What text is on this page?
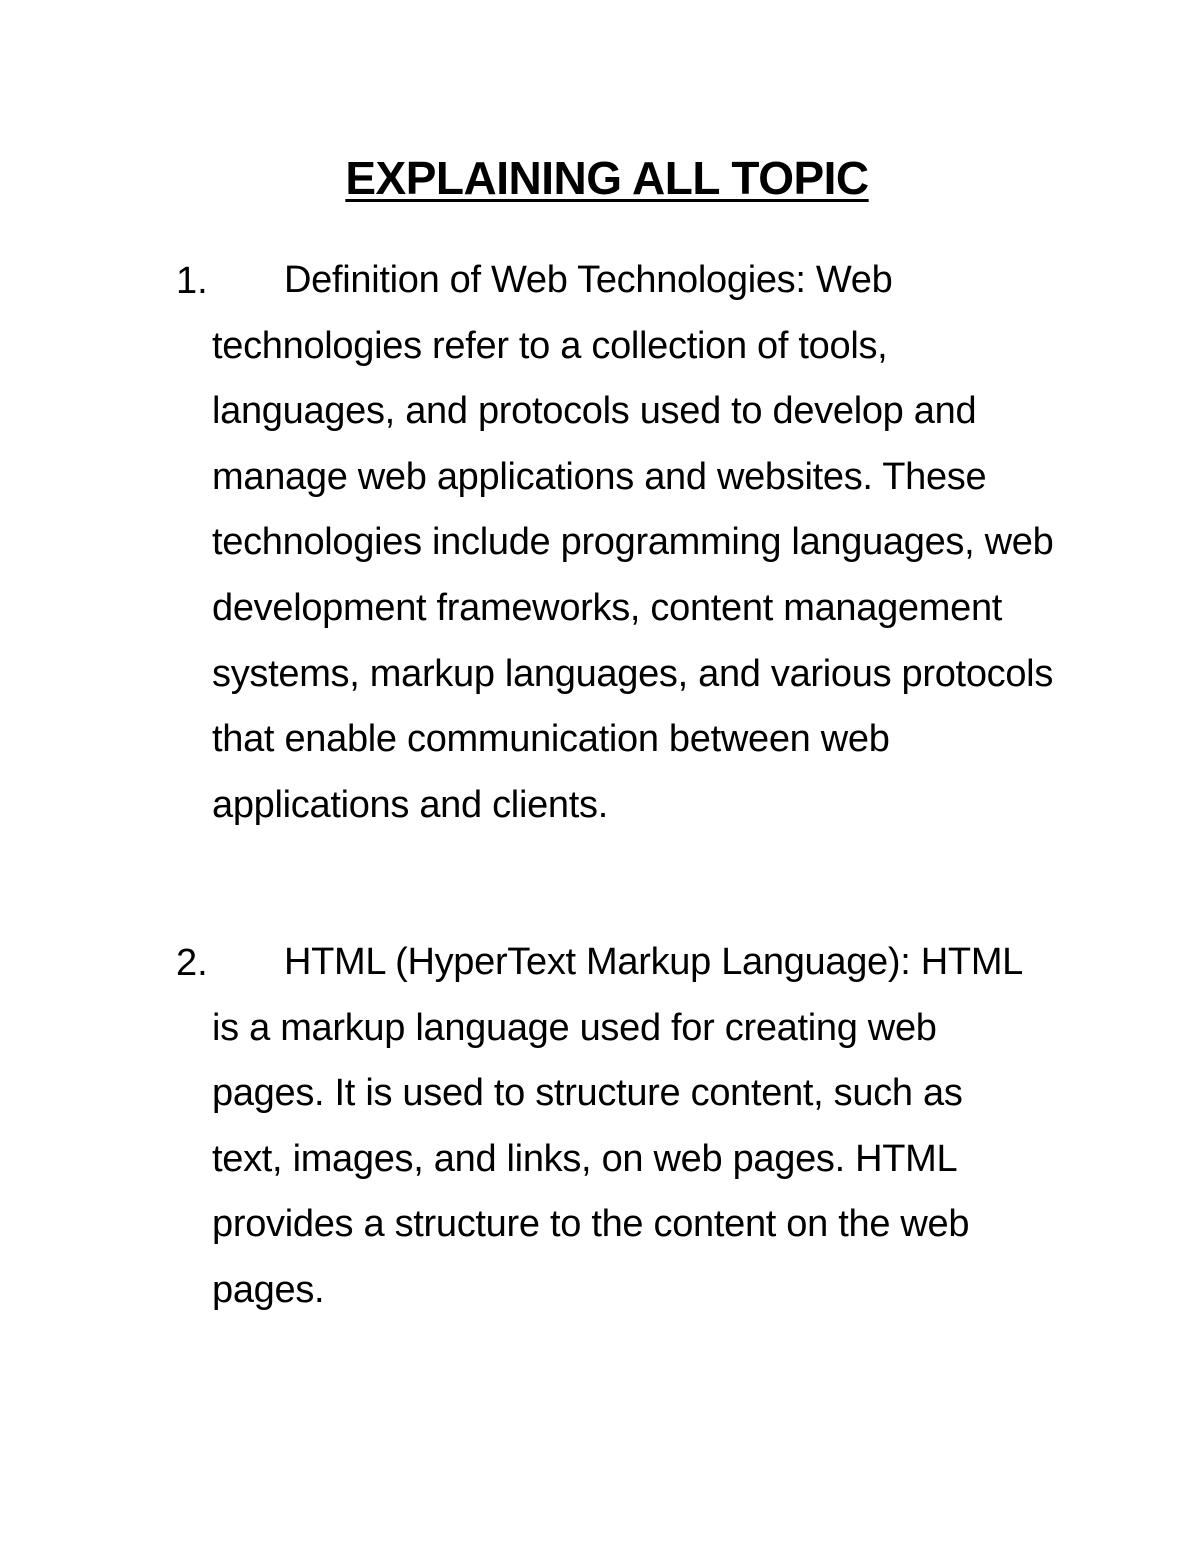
EXPLAINING ALL TOPIC
1.	Definition of Web Technologies: Web technologies refer to a collection of tools, languages, and protocols used to develop and manage web applications and websites. These technologies include programming languages, web development frameworks, content management systems, markup languages, and various protocols that enable communication between web applications and clients.
2.	HTML (HyperText Markup Language): HTML is a markup language used for creating web pages. It is used to structure content, such as text, images, and links, on web pages. HTML provides a structure to the content on the web pages.
